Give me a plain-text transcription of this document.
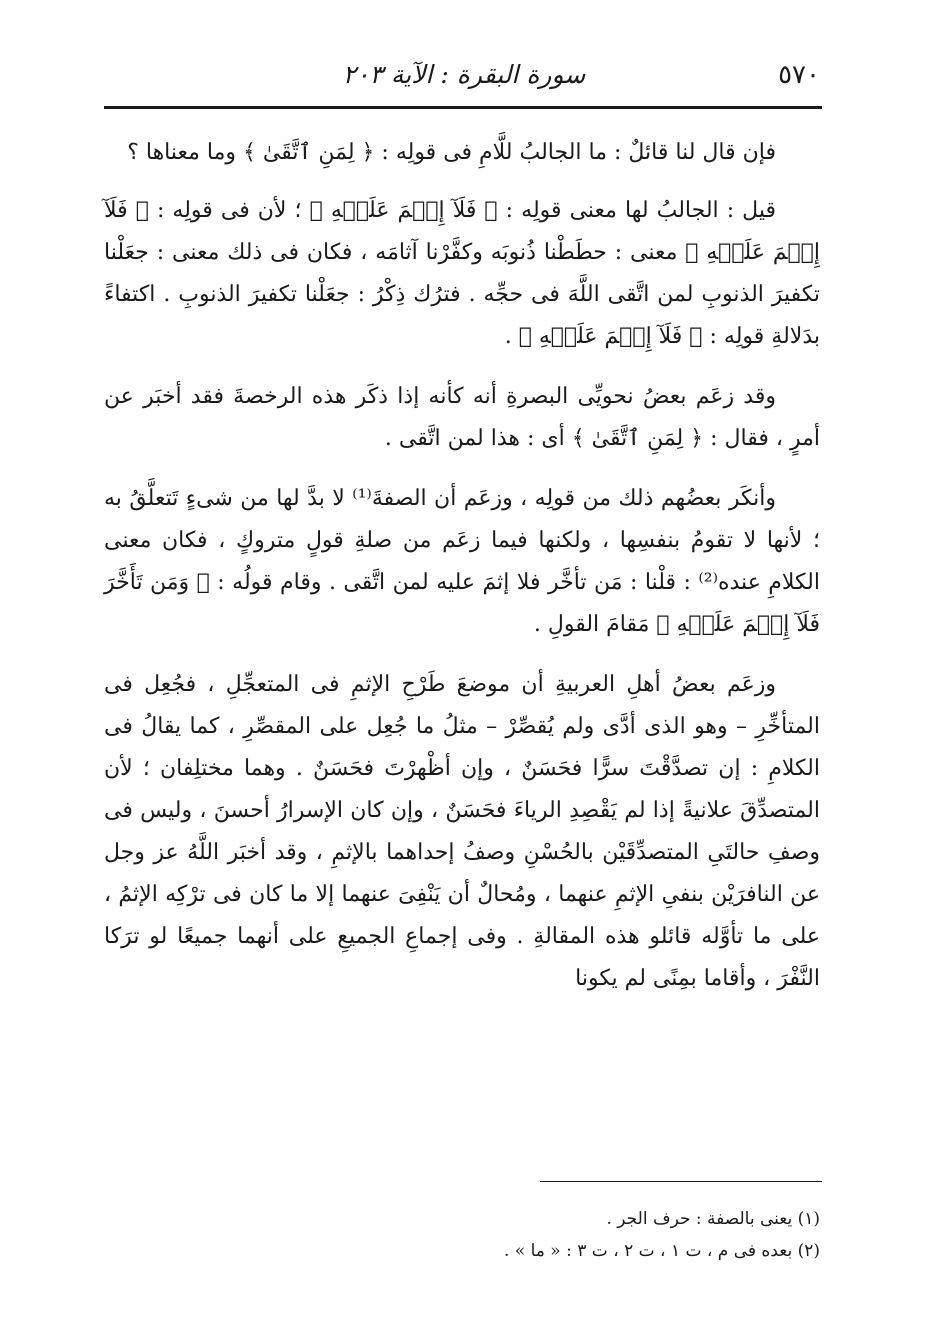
٥٧٠
سورة البقرة : الآية ٢٠٣

فإن قال لنا قائلٌ : ما الجالبُ للَّامِ فى قولِه : ﴿ لِمَنِ ٱتَّقَىٰ ﴾ وما معناها ؟

قيل : الجالبُ لها معنى قولِه : ﴿ فَلَآ إِثۡمَ عَلَيۡهِ ﴾ ؛ لأن فى قولِه : ﴿ فَلَآ إِثۡمَ عَلَيۡهِ ﴾ معنى : حطَطْنا ذُنوبَه وكفَّرْنا آثامَه ، فكان فى ذلك معنى : جعَلْنا تكفيرَ الذنوبِ لمن اتَّقى اللَّهَ فى حجِّه . فترُك ذِكْرُ : جعَلْنا تكفيرَ الذنوبِ . اكتفاءً بدَلالةِ قولِه : ﴿ فَلَآ إِثۡمَ عَلَيۡهِ ﴾ .

وقد زعَم بعضُ نحويِّى البصرةِ أنه كأنه إذا ذكَر هذه الرخصةَ فقد أخبَر عن أمرٍ ، فقال : ﴿ لِمَنِ ٱتَّقَىٰ ﴾ أى : هذا لمن اتَّقى .

وأنكَر بعضُهم ذلك من قولِه ، وزعَم أن الصفةَ⁽¹⁾ لا بدَّ لها من شىءٍ تَتعلَّقُ به ؛ لأنها لا تقومُ بنفسِها ، ولكنها فيما زعَم من صلةِ قولٍ متروكٍ ، فكان معنى الكلامِ عنده⁽²⁾ : قلْنا : مَن تأخَّر فلا إثمَ عليه لمن اتَّقى . وقام قولُه : ﴿ وَمَن تَأَخَّرَ فَلَآ إِثۡمَ عَلَيۡهِ ﴾ مَقامَ القولِ .

وزعَم بعضُ أهلِ العربيةِ أن موضعَ طَرْحِ الإثمِ فى المتعجِّلِ ، فجُعِل فى المتأخِّرِ – وهو الذى أدَّى ولم يُقصِّرْ – مثلُ ما جُعِل على المقصِّرِ ، كما يقالُ فى الكلامِ : إن تصدَّقْتَ سرًّا فحَسَنٌ ، وإن أظْهرْتَ فحَسَنٌ . وهما مختلِفان ؛ لأن المتصدِّقَ علانيةً إذا لم يَقْصِدِ الرياءَ فحَسَنٌ ، وإن كان الإسرارُ أحسنَ ، وليس فى وصفِ حالتَىِ المتصدِّقَيْن بالحُسْنِ وصفُ إحداهما بالإثمِ ، وقد أخبَر اللَّهُ عز وجل عن النافرَيْن بنفىِ الإثمِ عنهما ، ومُحالٌ أن يَنْفِىَ عنهما إلا ما كان فى ترْكِه الإثمُ ، على ما تأوَّله قائلو هذه المقالةِ . وفى إجماعِ الجميعِ على أنهما جميعًا لو ترَكا النَّفْرَ ، وأقاما بمِنًى لم يكونا

(١) يعنى بالصفة : حرف الجر .
(٢) بعده فى م ، ت ١ ، ت ٢ ، ت ٣ : « ما » .
